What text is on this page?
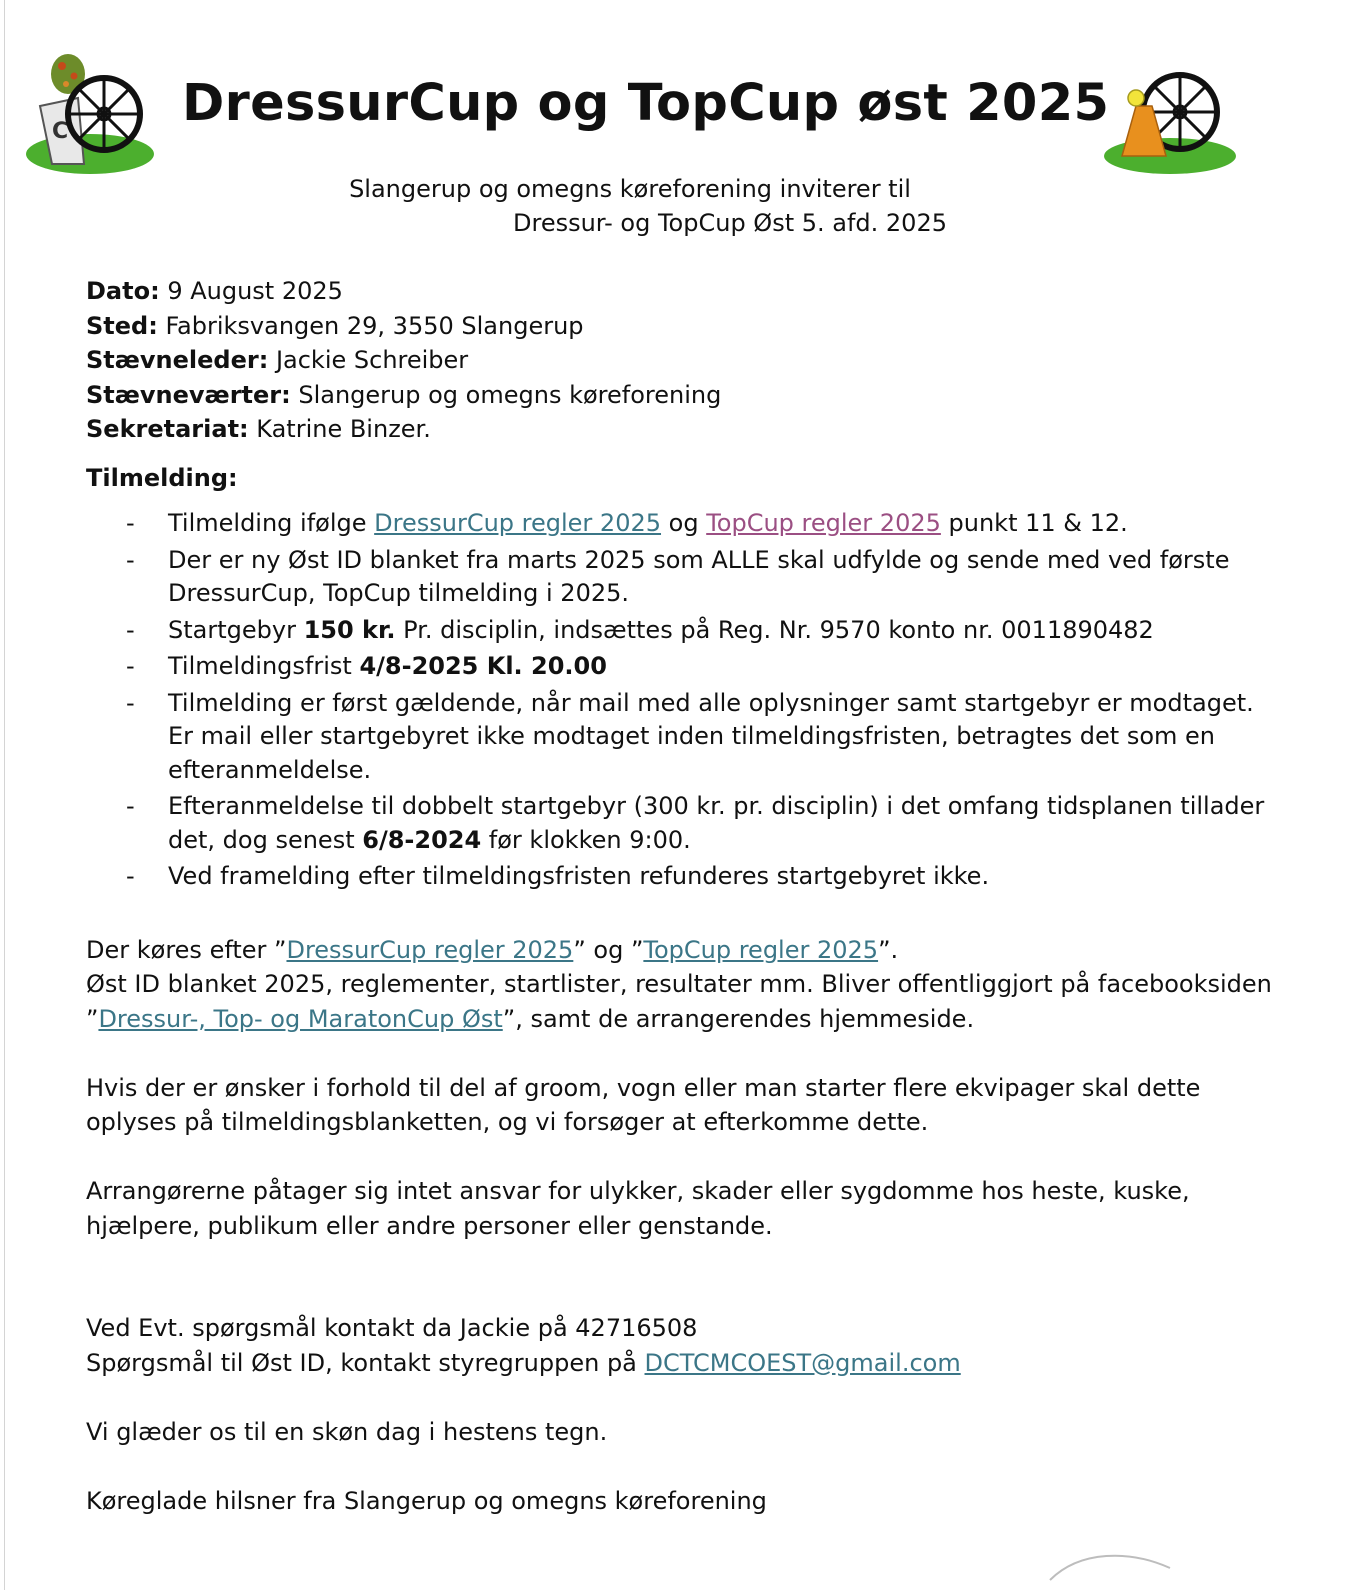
C DressurCup og TopCup øst 2025
Slangerup og omegns køreforening inviterer til
Dressur- og TopCup Øst 5. afd. 2025

Dato: 9 August 2025

Sted: Fabriksvangen 29, 3550 Slangerup

Stævneleder: Jackie Schreiber

Stævneværter: Slangerup og omegns køreforening

Sekretariat: Katrine Binzer.

Tilmelding:

- Tilmelding ifølge DressurCup regler 2025 og TopCup regler 2025 punkt 11 & 12.
- Der er ny Øst ID blanket fra marts 2025 som ALLE skal udfylde og sende med ved første DressurCup, TopCup tilmelding i 2025.
- Startgebyr 150 kr. Pr. disciplin, indsættes på Reg. Nr. 9570 konto nr. 0011890482
- Tilmeldingsfrist 4/8-2025 Kl. 20.00
- Tilmelding er først gældende, når mail med alle oplysninger samt startgebyr er modtaget. Er mail eller startgebyret ikke modtaget inden tilmeldingsfristen, betragtes det som en efteranmeldelse.
- Efteranmeldelse til dobbelt startgebyr (300 kr. pr. disciplin) i det omfang tidsplanen tillader det, dog senest 6/8-2024 før klokken 9:00.
- Ved framelding efter tilmeldingsfristen refunderes startgebyret ikke.

Der køres efter ”DressurCup regler 2025” og ”TopCup regler 2025”.
Øst ID blanket 2025, reglementer, startlister, resultater mm. Bliver offentliggjort på facebooksiden ”Dressur-, Top- og MaratonCup Øst”, samt de arrangerendes hjemmeside.

Hvis der er ønsker i forhold til del af groom, vogn eller man starter flere ekvipager skal dette oplyses på tilmeldingsblanketten, og vi forsøger at efterkomme dette.

Arrangørerne påtager sig intet ansvar for ulykker, skader eller sygdomme hos heste, kuske, hjælpere, publikum eller andre personer eller genstande.

Ved Evt. spørgsmål kontakt da Jackie på 42716508
Spørgsmål til Øst ID, kontakt styregruppen på DCTCMCOEST@gmail.com

Vi glæder os til en skøn dag i hestens tegn.

Køreglade hilsner fra Slangerup og omegns køreforening
